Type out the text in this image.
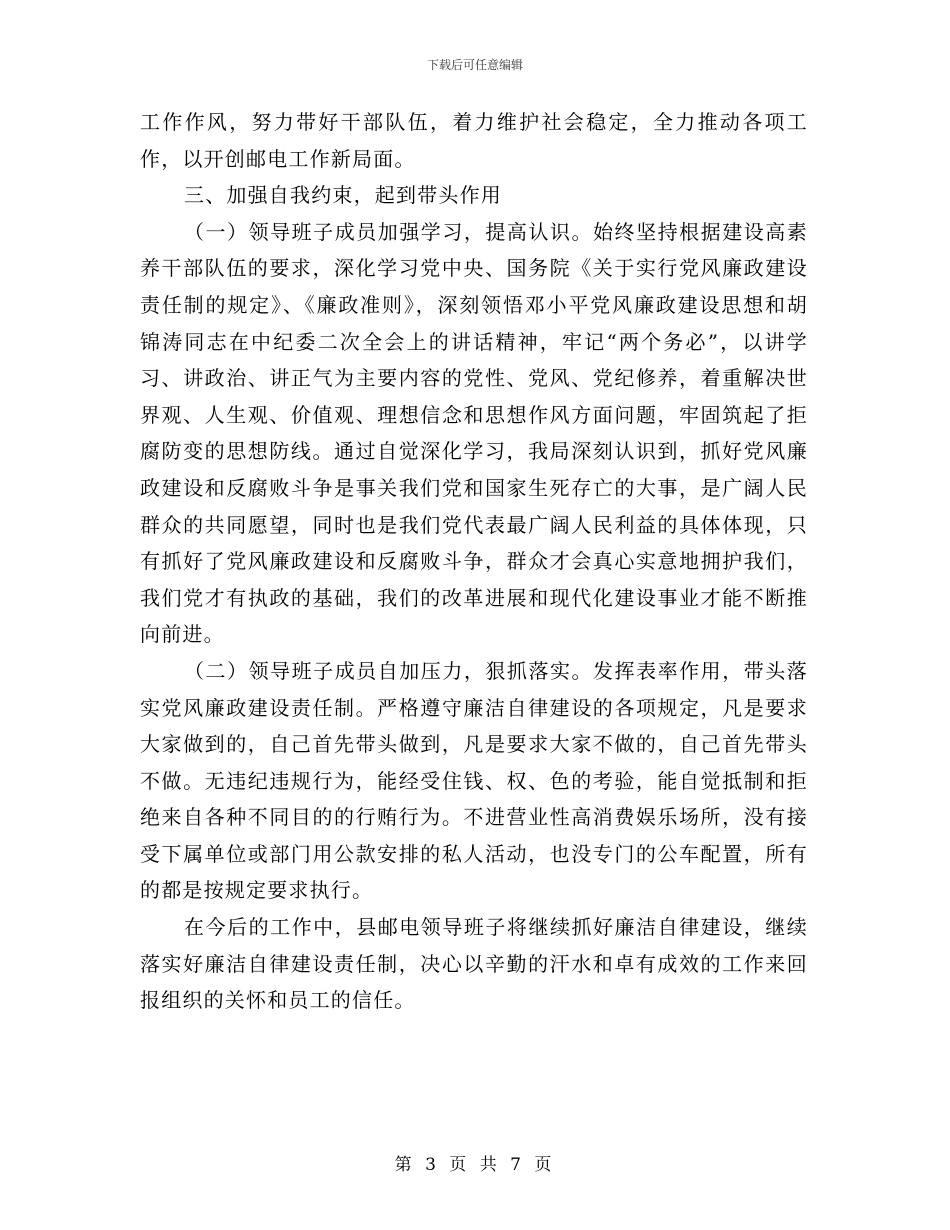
下载后可任意编辑

工作作风，努力带好干部队伍，着力维护社会稳定，全力推动各项工作，以开创邮电工作新局面。

三、加强自我约束，起到带头作用

（一）领导班子成员加强学习，提高认识。始终坚持根据建设高素养干部队伍的要求，深化学习党中央、国务院《关于实行党风廉政建设责任制的规定》、《廉政准则》，深刻领悟邓小平党风廉政建设思想和胡锦涛同志在中纪委二次全会上的讲话精神，牢记“两个务必”，以讲学习、讲政治、讲正气为主要内容的党性、党风、党纪修养，着重解决世界观、人生观、价值观、理想信念和思想作风方面问题，牢固筑起了拒腐防变的思想防线。通过自觉深化学习，我局深刻认识到，抓好党风廉政建设和反腐败斗争是事关我们党和国家生死存亡的大事，是广阔人民群众的共同愿望，同时也是我们党代表最广阔人民利益的具体体现，只有抓好了党风廉政建设和反腐败斗争，群众才会真心实意地拥护我们，我们党才有执政的基础，我们的改革进展和现代化建设事业才能不断推向前进。

（二）领导班子成员自加压力，狠抓落实。发挥表率作用，带头落实党风廉政建设责任制。严格遵守廉洁自律建设的各项规定，凡是要求大家做到的，自己首先带头做到，凡是要求大家不做的，自己首先带头不做。无违纪违规行为，能经受住钱、权、色的考验，能自觉抵制和拒绝来自各种不同目的的行贿行为。不进营业性高消费娱乐场所，没有接受下属单位或部门用公款安排的私人活动，也没专门的公车配置，所有的都是按规定要求执行。

在今后的工作中，县邮电领导班子将继续抓好廉洁自律建设，继续落实好廉洁自律建设责任制，决心以辛勤的汗水和卓有成效的工作来回报组织的关怀和员工的信任。

第 3 页 共 7 页
